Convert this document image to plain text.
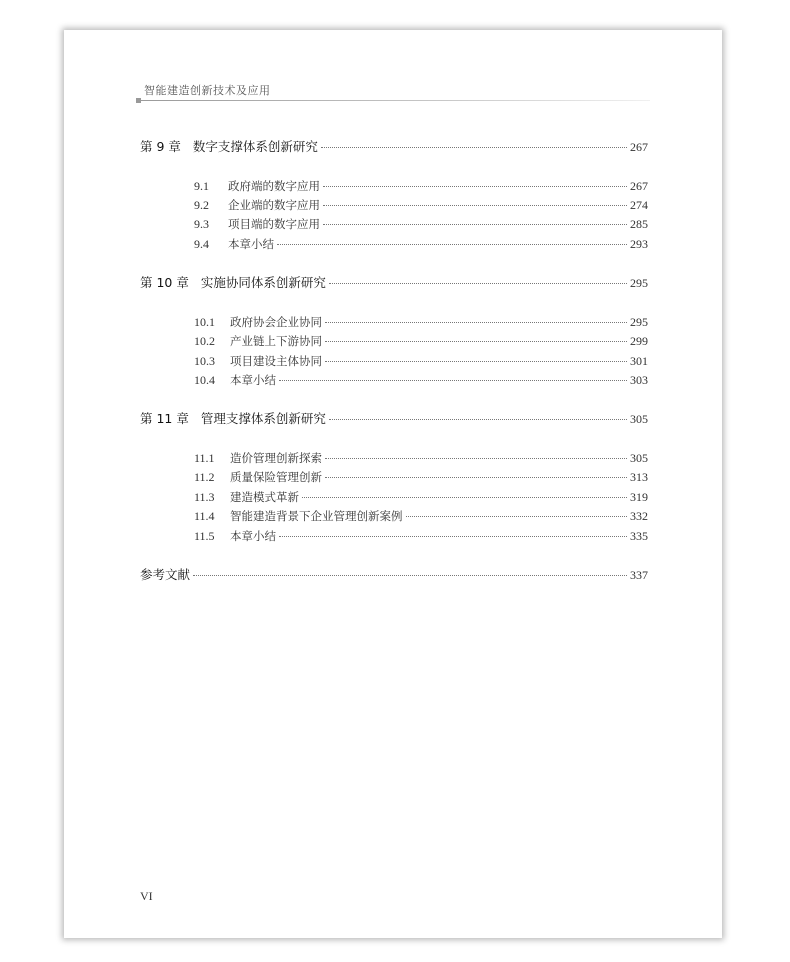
智能建造创新技术及应用
第 9 章 数字支撑体系创新研究	267
9.1	政府端的数字应用	267
9.2	企业端的数字应用	274
9.3	项目端的数字应用	285
9.4	本章小结	293
第 10 章 实施协同体系创新研究	295
10.1	政府协会企业协同	295
10.2	产业链上下游协同	299
10.3	项目建设主体协同	301
10.4	本章小结	303
第 11 章 管理支撑体系创新研究	305
11.1	造价管理创新探索	305
11.2	质量保险管理创新	313
11.3	建造模式革新	319
11.4	智能建造背景下企业管理创新案例	332
11.5	本章小结	335
参考文献	337
VI
